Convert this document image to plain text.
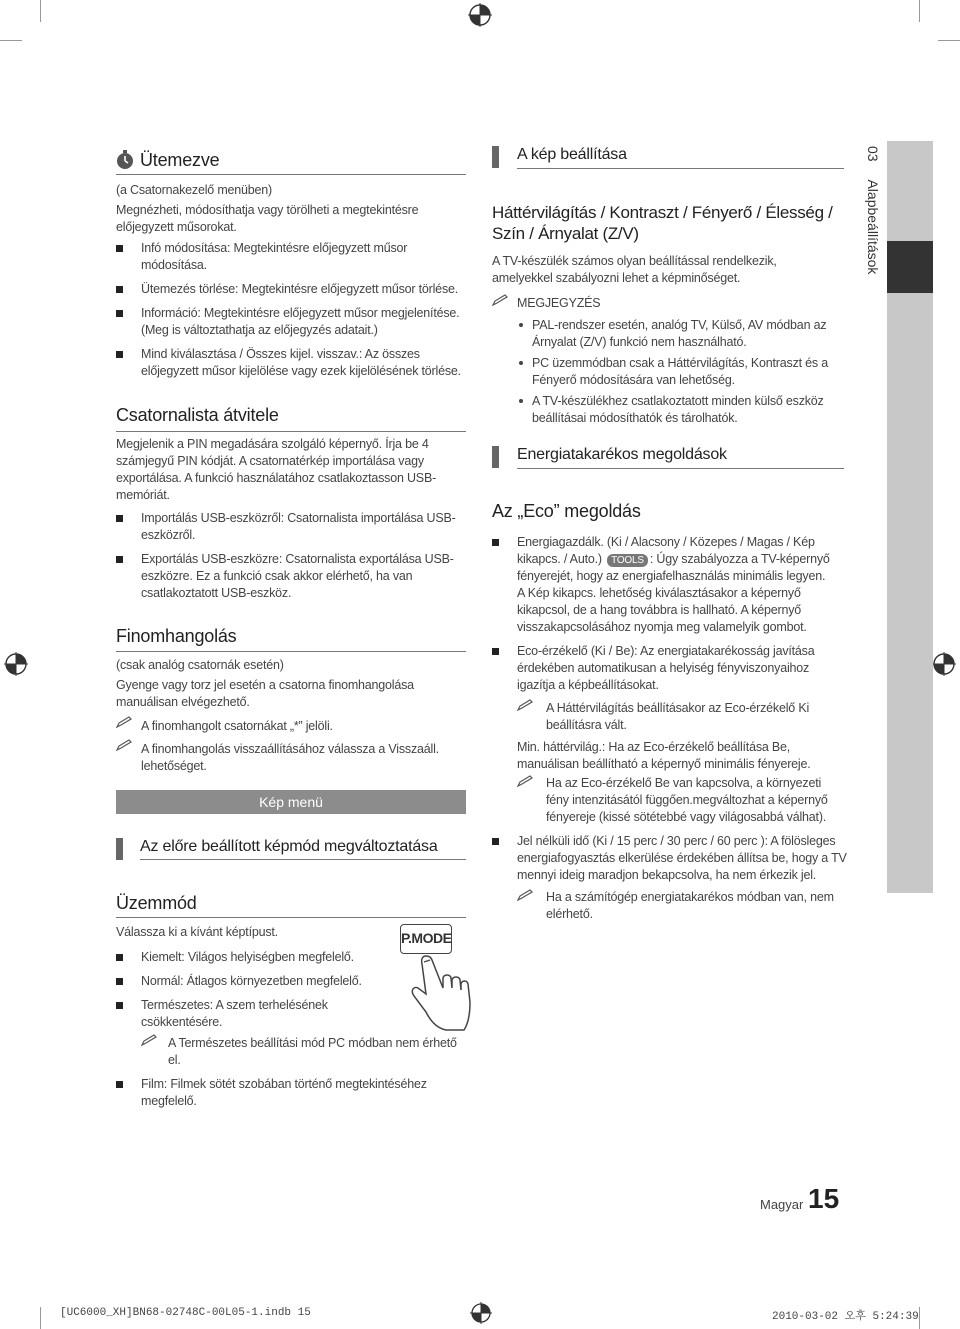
Ütemezve
(a Csatornakezelő menüben)
Megnézheti, módosíthatja vagy törölheti a megtekintésre előjegyzett műsorokat.
Infó módosítása: Megtekintésre előjegyzett műsor módosítása.
Ütemezés törlése: Megtekintésre előjegyzett műsor törlése.
Információ: Megtekintésre előjegyzett műsor megjelenítése. (Meg is változtathatja az előjegyzés adatait.)
Mind kiválasztása / Összes kijel. visszav.: Az összes előjegyzett műsor kijelölése vagy ezek kijelölésének törlése.
Csatornalista átvitele
Megjelenik a PIN megadására szolgáló képernyő. Írja be 4 számjegyű PIN kódját. A csatornatérkép importálása vagy exportálása. A funkció használatához csatlakoztasson USB-memóriát.
Importálás USB-eszközről: Csatornalista importálása USB-eszközről.
Exportálás USB-eszközre: Csatornalista exportálása USB-eszközre. Ez a funkció csak akkor elérhető, ha van csatlakoztatott USB-eszköz.
Finomhangolás
(csak analóg csatornák esetén)
Gyenge vagy torz jel esetén a csatorna finomhangolása manuálisan elvégezhető.
A finomhangolt csatornákat „*” jelöli.
A finomhangolás visszaállításához válassza a Visszaáll. lehetőséget.
Kép menü
Az előre beállított képmód megváltoztatása
Üzemmód
Válassza ki a kívánt képtípust.	P.MODE
Kiemelt: Világos helyiségben megfelelő.
Normál: Átlagos környezetben megfelelő.
Természetes: A szem terhelésének csökkentésére.
A Természetes beállítási mód PC módban nem érhető el.
Film: Filmek sötét szobában történő megtekintéséhez megfelelő.
A kép beállítása
Háttérvilágítás / Kontraszt / Fényerő / Élesség / Szín / Árnyalat (Z/V)
A TV-készülék számos olyan beállítással rendelkezik, amelyekkel szabályozni lehet a képminőséget.
MEGJEGYZÉS
PAL-rendszer esetén, analóg TV, Külső, AV módban az Árnyalat (Z/V) funkció nem használható.
PC üzemmódban csak a Háttérvilágítás, Kontraszt és a Fényerő módosítására van lehetőség.
A TV-készülékhez csatlakoztatott minden külső eszköz beállításai módosíthatók és tárolhatók.
Energiatakarékos megoldások
Az „Eco” megoldás
Energiagazdálk. (Ki / Alacsony / Közepes / Magas / Kép kikapcs. / Auto.) TOOLS : Úgy szabályozza a TV-képernyő fényerejét, hogy az energiafelhasználás minimális legyen. A Kép kikapcs. lehetőség kiválasztásakor a képernyő kikapcsol, de a hang továbbra is hallható. A képernyő visszakapcsolásához nyomja meg valamelyik gombot.
Eco-érzékelő (Ki / Be): Az energiatakarékosság javítása érdekében automatikusan a helyiség fényviszonyaihoz igazítja a képbeállításokat.
A Háttérvilágítás beállításakor az Eco-érzékelő Ki beállításra vált.
Min. háttérvilág.: Ha az Eco-érzékelő beállítása Be, manuálisan beállítható a képernyő minimális fényereje.
Ha az Eco-érzékelő Be van kapcsolva, a környezeti fény intenzitásától függően.megváltozhat a képernyő fényereje (kissé sötétebbé vagy világosabbá válhat).
Jel nélküli idő (Ki / 15 perc / 30 perc / 60 perc ): A fölösleges energiafogyasztás elkerülése érdekében állítsa be, hogy a TV mennyi ideig maradjon bekapcsolva, ha nem érkezik jel.
Ha a számítógép energiatakarékos módban van, nem elérhető.
03 Alapbeállítások
Magyar 15
[UC6000_XH]BN68-02748C-00L05-1.indb 15	2010-03-02 오후 5:24:39
